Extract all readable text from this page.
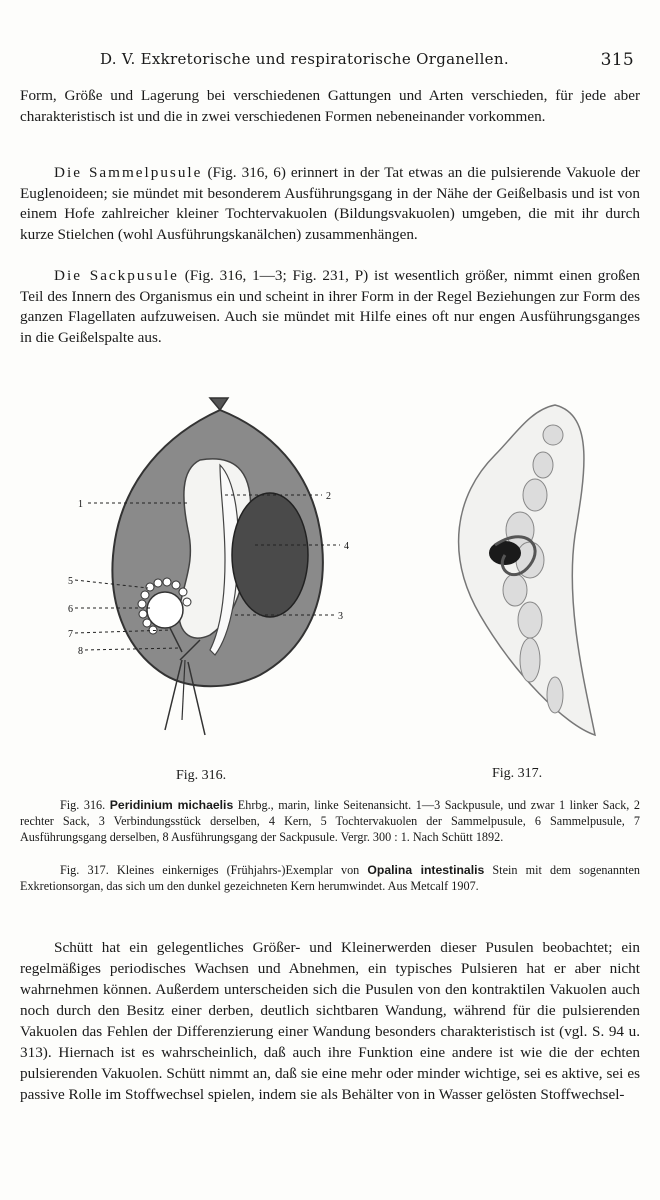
D. V. Exkretorische und respiratorische Organellen.	315

Form, Größe und Lagerung bei verschiedenen Gattungen und Arten verschieden, für jede aber charakteristisch ist und die in zwei verschiedenen Formen nebeneinander vorkommen.

Die Sammelpusule (Fig. 316, 6) erinnert in der Tat etwas an die pulsierende Vakuole der Euglenoideen; sie mündet mit besonderem Ausführungsgang in der Nähe der Geißelbasis und ist von einem Hofe zahlreicher kleiner Tochtervakuolen (Bildungsvakuolen) umgeben, die mit ihr durch kurze Stielchen (wohl Ausführungskanälchen) zusammenhängen.

Die Sackpusule (Fig. 316, 1—3; Fig. 231, P) ist wesentlich größer, nimmt einen großen Teil des Innern des Organismus ein und scheint in ihrer Form in der Regel Beziehungen zur Form des ganzen Flagellaten aufzuweisen. Auch sie mündet mit Hilfe eines oft nur engen Ausführungsganges in die Geißelspalte aus.

1
2
4
3
5
6
7
8
Fig. 316.	Fig. 317.
Fig. 316. Peridinium michaelis Ehrbg., marin, linke Seitenansicht. 1—3 Sackpusule, und zwar 1 linker Sack, 2 rechter Sack, 3 Verbindungsstück derselben, 4 Kern, 5 Tochtervakuolen der Sammelpusule, 6 Sammelpusule, 7 Ausführungsgang derselben, 8 Ausführungsgang der Sackpusule. Vergr. 300 : 1. Nach Schütt 1892.
Fig. 317. Kleines einkerniges (Frühjahrs-)Exemplar von Opalina intestinalis Stein mit dem sogenannten Exkretionsorgan, das sich um den dunkel gezeichneten Kern herumwindet. Aus Metcalf 1907.

Schütt hat ein gelegentliches Größer- und Kleinerwerden dieser Pusulen beobachtet; ein regelmäßiges periodisches Wachsen und Abnehmen, ein typisches Pulsieren hat er aber nicht wahrnehmen können. Außerdem unterscheiden sich die Pusulen von den kontraktilen Vakuolen auch noch durch den Besitz einer derben, deutlich sichtbaren Wandung, während für die pulsierenden Vakuolen das Fehlen der Differenzierung einer Wandung besonders charakteristisch ist (vgl. S. 94 u. 313). Hiernach ist es wahrscheinlich, daß auch ihre Funktion eine andere ist wie die der echten pulsierenden Vakuolen. Schütt nimmt an, daß sie eine mehr oder minder wichtige, sei es aktive, sei es passive Rolle im Stoffwechsel spielen, indem sie als Behälter von in Wasser gelösten Stoffwechsel-
